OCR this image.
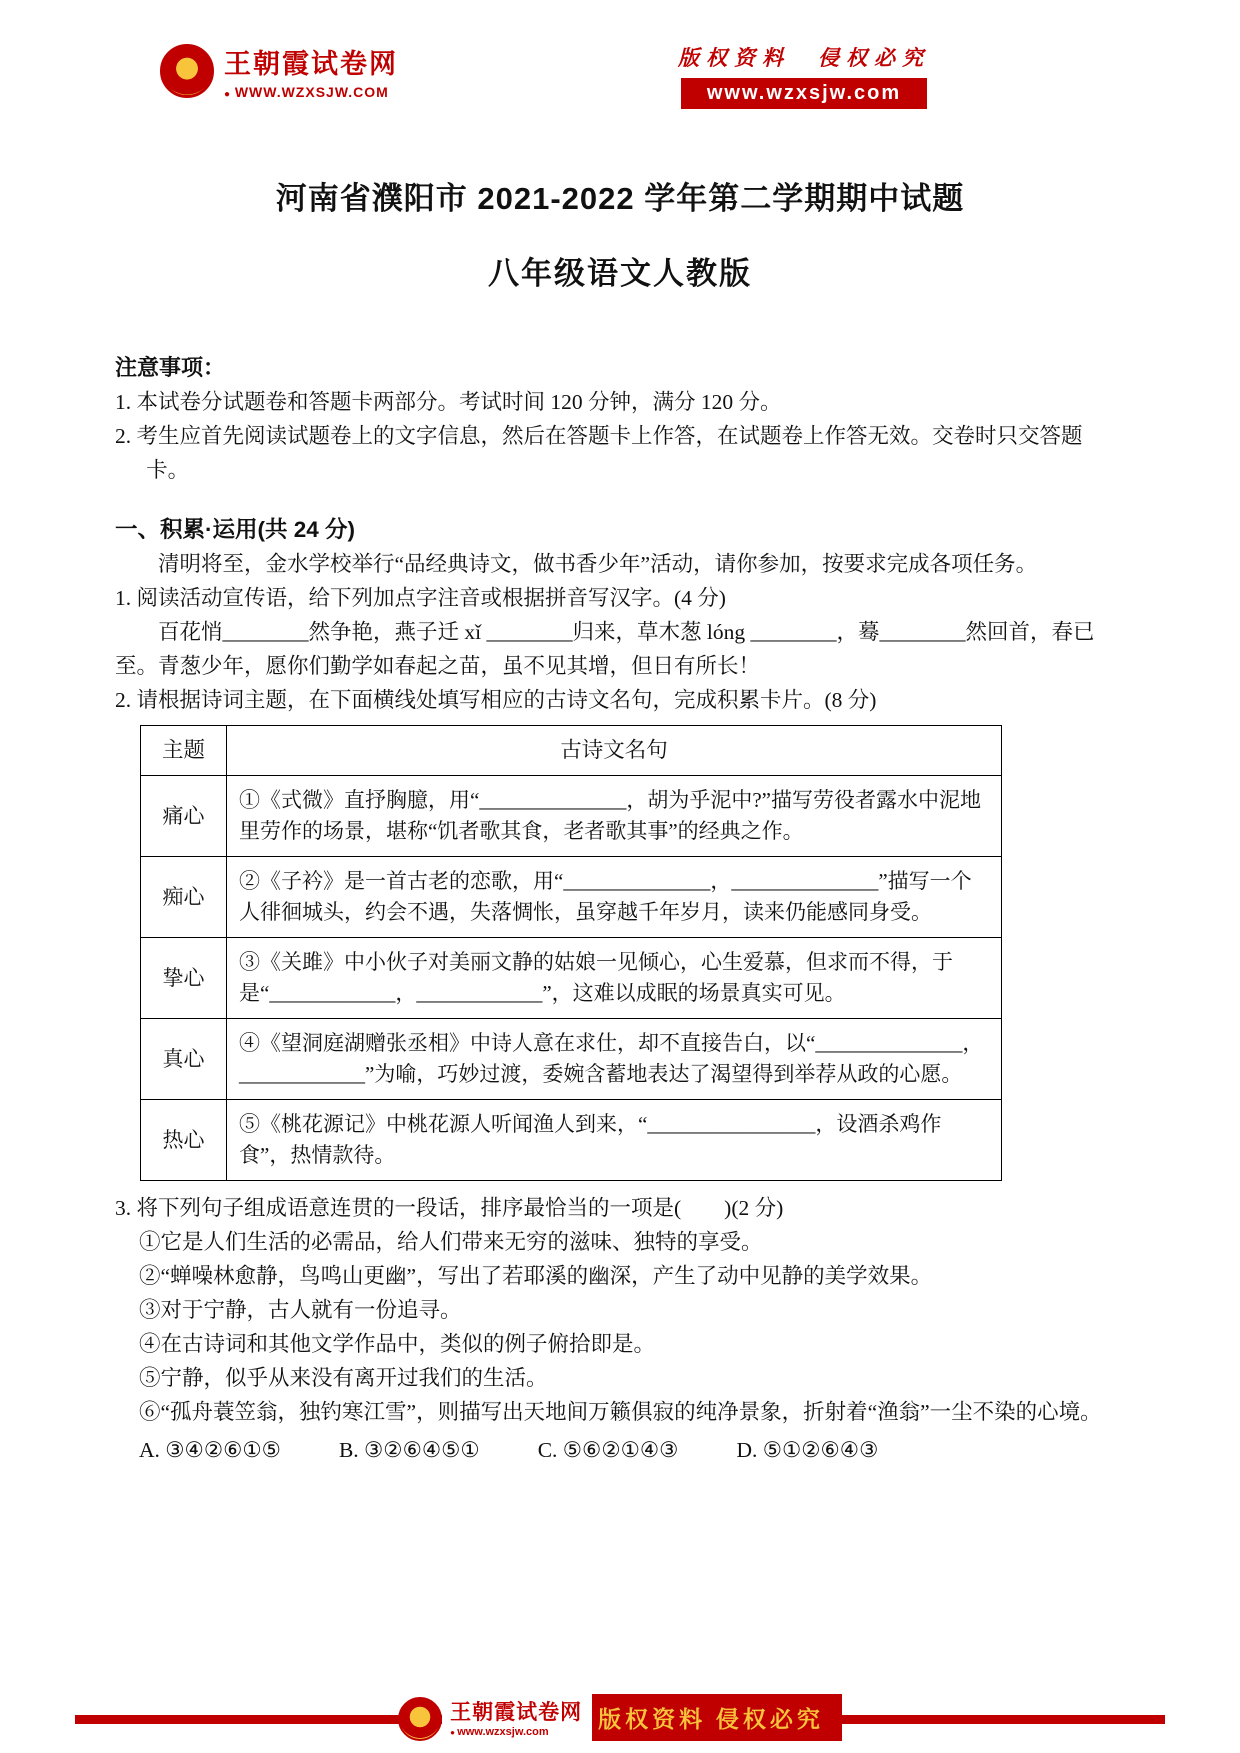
王朝霞试卷网
● WWW.WZXSJW.COM
版权资料　侵权必究
www.wzxsjw.com
河南省濮阳市 2021-2022 学年第二学期期中试题
八年级语文人教版
注意事项：

1. 本试卷分试题卷和答题卡两部分。考试时间 120 分钟，满分 120 分。

2. 考生应首先阅读试题卷上的文字信息，然后在答题卡上作答，在试题卷上作答无效。交卷时只交答题卡。

一、积累·运用(共 24 分)

清明将至，金水学校举行“品经典诗文，做书香少年”活动，请你参加，按要求完成各项任务。

1. 阅读活动宣传语，给下列加点字注音或根据拼音写汉字。(4 分)

百花悄________然争艳，燕子迁 xǐ ________归来，草木葱 lóng ________，蓦________然回首，春已至。青葱少年，愿你们勤学如春起之苗，虽不见其增，但日有所长！

2. 请根据诗词主题，在下面横线处填写相应的古诗文名句，完成积累卡片。(8 分)

主题	古诗文名句
痛心	①《式微》直抒胸臆，用“______________，胡为乎泥中?”描写劳役者露水中泥地里劳作的场景，堪称“饥者歌其食，老者歌其事”的经典之作。
痴心	②《子衿》是一首古老的恋歌，用“______________，______________”描写一个人徘徊城头，约会不遇，失落惆怅，虽穿越千年岁月，读来仍能感同身受。
挚心	③《关雎》中小伙子对美丽文静的姑娘一见倾心，心生爱慕，但求而不得，于是“____________，____________”，这难以成眠的场景真实可见。
真心	④《望洞庭湖赠张丞相》中诗人意在求仕，却不直接告白，以“______________，____________”为喻，巧妙过渡，委婉含蓄地表达了渴望得到举荐从政的心愿。
热心	⑤《桃花源记》中桃花源人听闻渔人到来，“________________，设酒杀鸡作食”，热情款待。

3. 将下列句子组成语意连贯的一段话，排序最恰当的一项是(　　)(2 分)

①它是人们生活的必需品，给人们带来无穷的滋味、独特的享受。

②“蝉噪林愈静，鸟鸣山更幽”，写出了若耶溪的幽深，产生了动中见静的美学效果。

③对于宁静，古人就有一份追寻。

④在古诗词和其他文学作品中，类似的例子俯拾即是。

⑤宁静，似乎从来没有离开过我们的生活。

⑥“孤舟蓑笠翁，独钓寒江雪”，则描写出天地间万籁俱寂的纯净景象，折射着“渔翁”一尘不染的心境。

A. ③④②⑥①⑤	B. ③②⑥④⑤①	C. ⑤⑥②①④③	D. ⑤①②⑥④③
王朝霞试卷网
● www.wzxsjw.com
版权资料 侵权必究
